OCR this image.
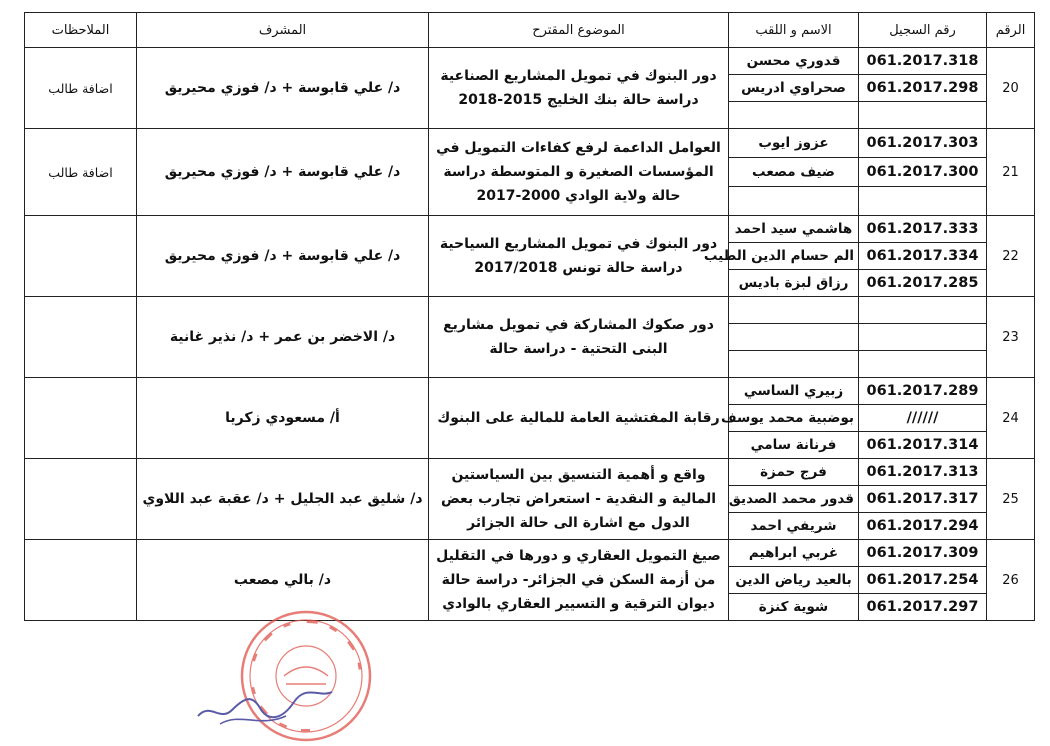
الرقم	رقم السجيل	الاسم و اللقب	الموضوع المقترح	المشرف	الملاحظات
20	061.2017.318	قدوري محسن	دور البنوك في تمويل المشاريع الصناعية دراسة حالة بنك الخليج 2015-2018	د/ علي قابوسة + د/ فوزي محيريق	اضافة طالب
	061.2017.298	صحراوي ادريس			

21	061.2017.303	عزوز ايوب	العوامل الداعمة لرفع كفاءات التمويل في المؤسسات الصغيرة و المتوسطة دراسة حالة ولاية الوادي 2000-2017	د/ علي قابوسة + د/ فوزي محيريق	اضافة طالب
	061.2017.300	ضيف مصعب			

22	061.2017.333	هاشمي سيد احمد	دور البنوك في تمويل المشاريع السياحية دراسة حالة تونس 2017/2018	د/ علي قابوسة + د/ فوزي محيريق	
	061.2017.334	الم حسام الدين الطيب			
	061.2017.285	رزاق لبزة باديس			
23			دور صكوك المشاركة في تمويل مشاريع البنى التحتية - دراسة حالة	د/ الاخضر بن عمر + د/ نذير غانية	

24	061.2017.289	زبيري الساسي	رقابة المفتشية العامة للمالية على البنوك	أ/ مسعودي زكريا	
	//////	بوضبية محمد يوسف			
	061.2017.314	فرنانة سامي			
25	061.2017.313	فرج حمزة	واقع و أهمية التنسيق بين السياستين المالية و النقدية - استعراض تجارب بعض الدول مع اشارة الى حالة الجزائر	د/ شليق عبد الجليل + د/ عقبة عبد اللاوي	
	061.2017.317	قدور محمد الصديق			
	061.2017.294	شريفي احمد			
26	061.2017.309	غربي ابراهيم	صيغ التمويل العقاري و دورها في التقليل من أزمة السكن في الجزائر- دراسة حالة ديوان الترقية و التسيير العقاري بالوادي	د/ بالي مصعب	
	061.2017.254	بالعيد رياض الدين			
	061.2017.297	شوية كنزة			
